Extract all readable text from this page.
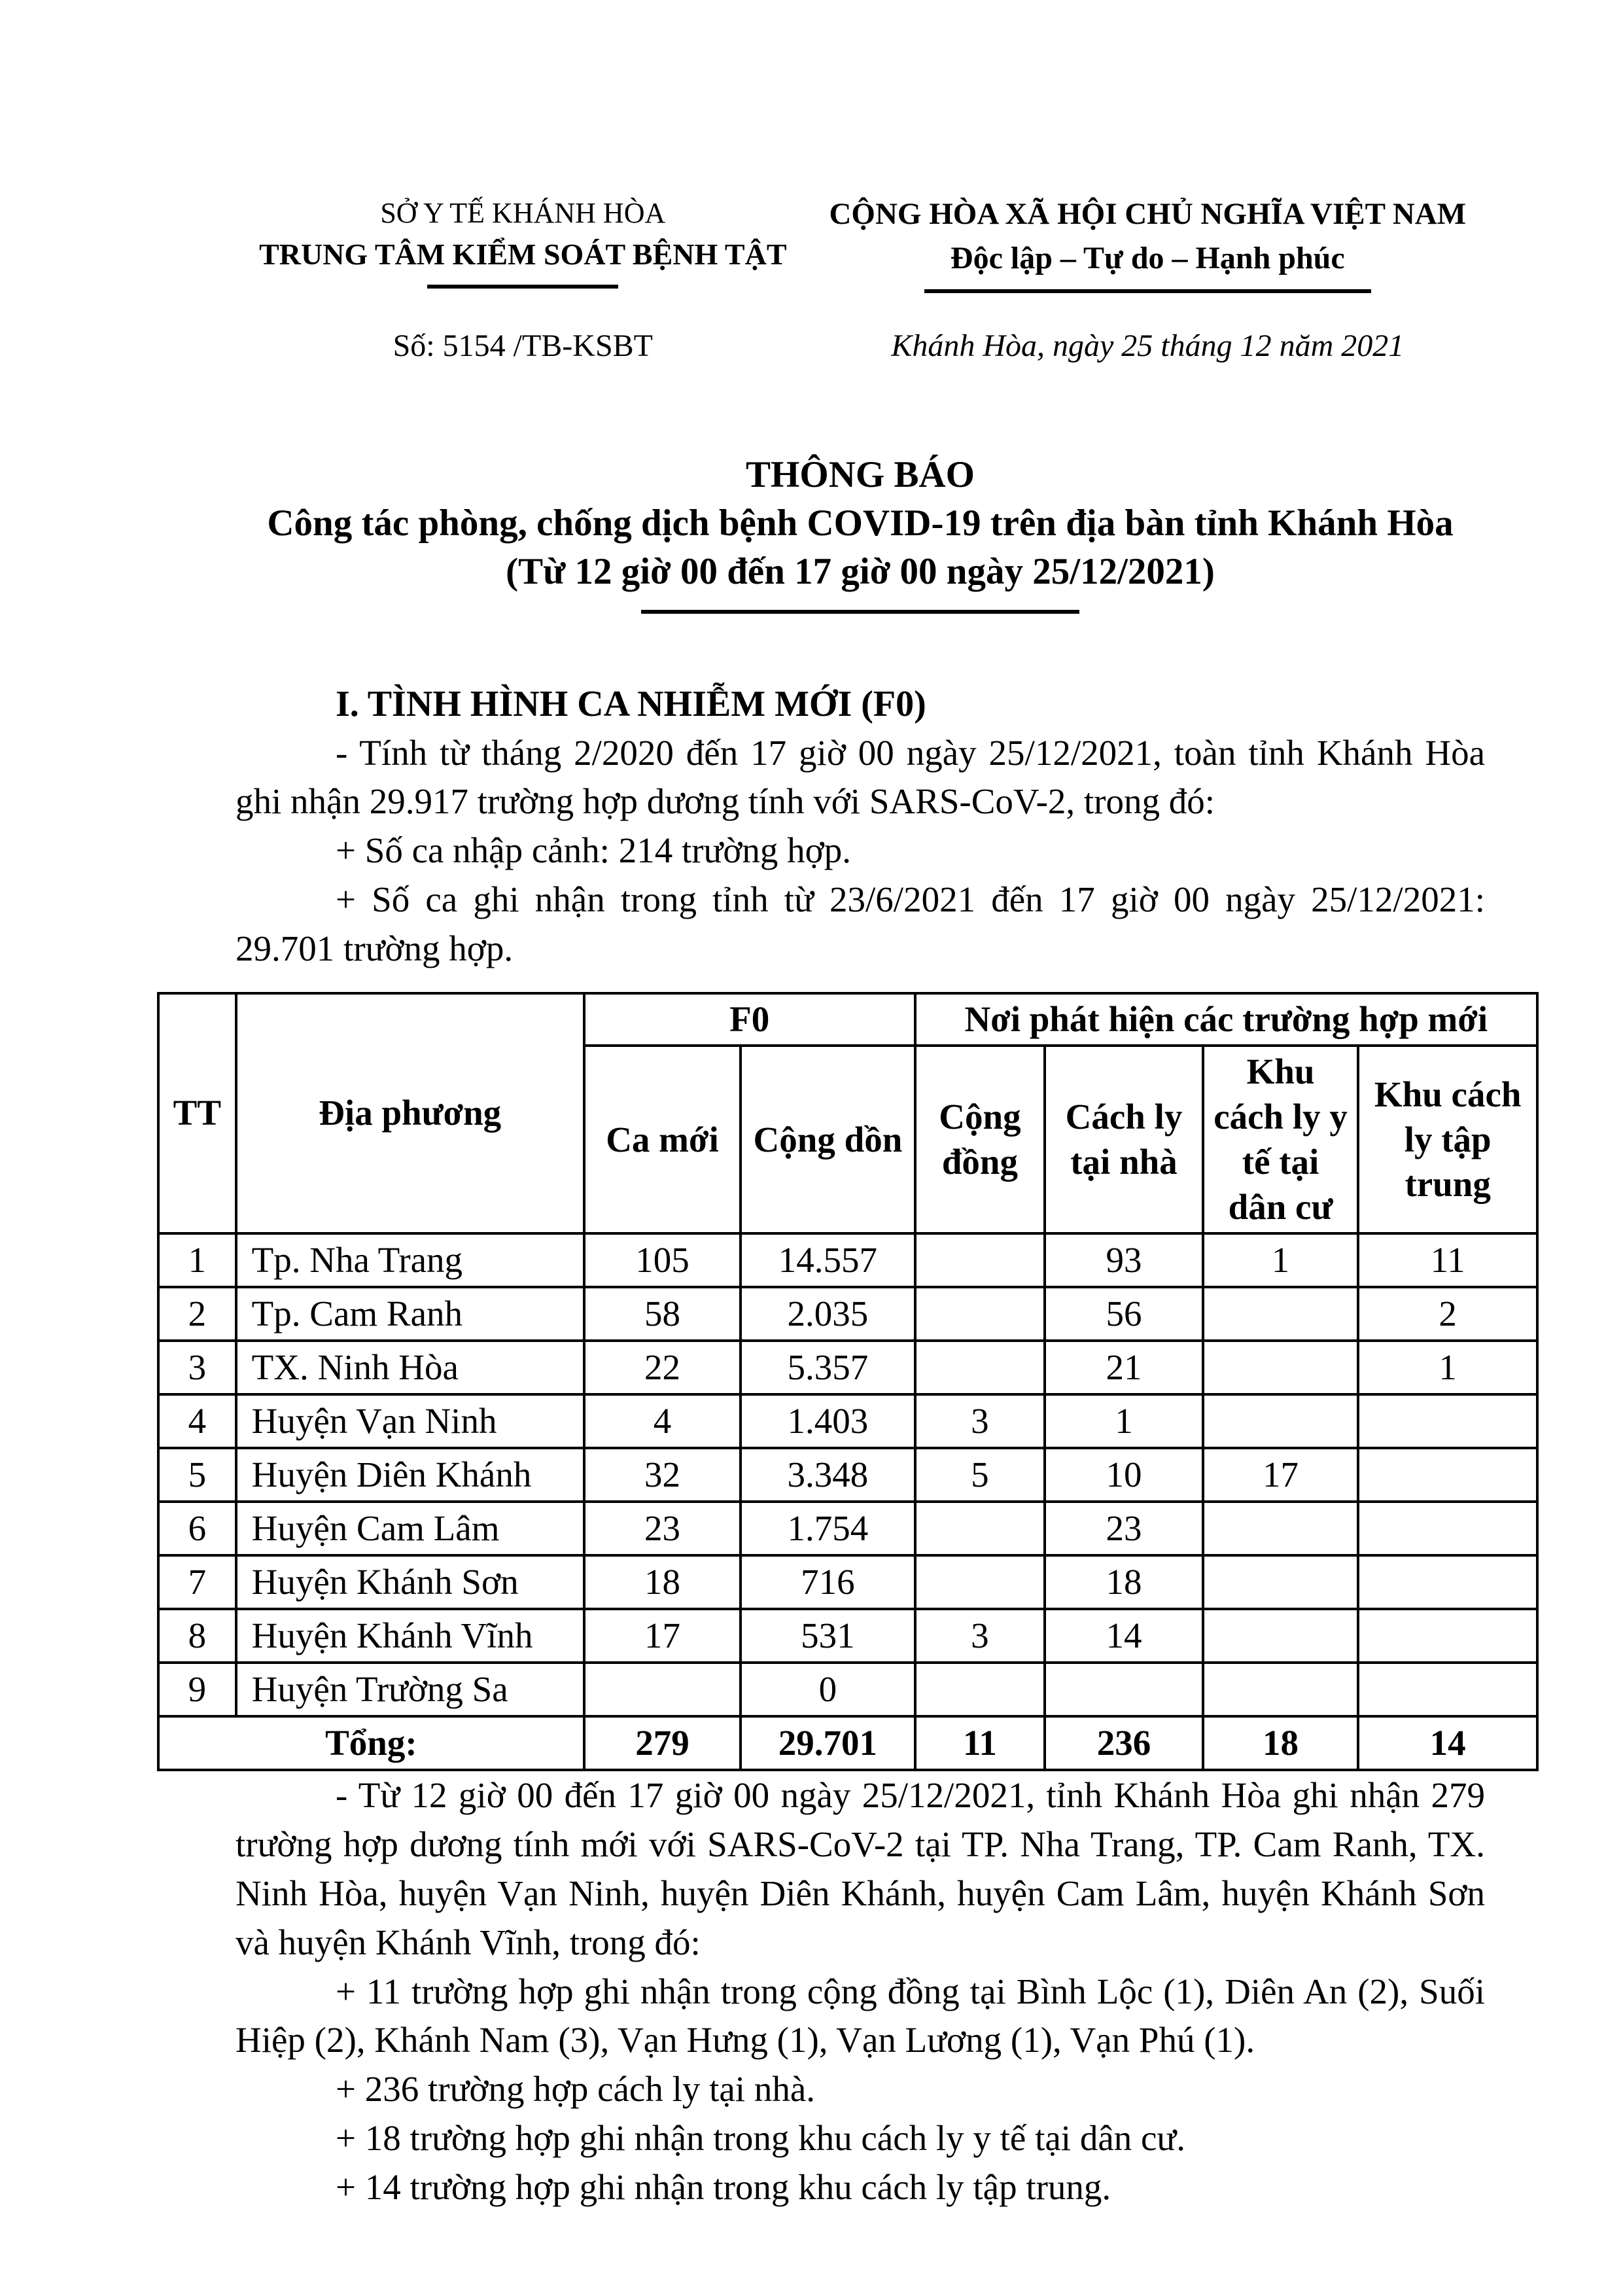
SỞ Y TẾ KHÁNH HÒA
TRUNG TÂM KIỂM SOÁT BỆNH TẬT
CỘNG HÒA XÃ HỘI CHỦ NGHĨA VIỆT NAM
Độc lập – Tự do – Hạnh phúc
Số: 5154 /TB-KSBT	Khánh Hòa, ngày 25 tháng 12 năm 2021
THÔNG BÁO
Công tác phòng, chống dịch bệnh COVID-19 trên địa bàn tỉnh Khánh Hòa
(Từ 12 giờ 00 đến 17 giờ 00 ngày 25/12/2021)
I. TÌNH HÌNH CA NHIỄM MỚI (F0)

- Tính từ tháng 2/2020 đến 17 giờ 00 ngày 25/12/2021, toàn tỉnh Khánh Hòa ghi nhận 29.917 trường hợp dương tính với SARS-CoV-2, trong đó:

+ Số ca nhập cảnh: 214 trường hợp.

+ Số ca ghi nhận trong tỉnh từ 23/6/2021 đến 17 giờ 00 ngày 25/12/2021: 29.701 trường hợp.

TT	Địa phương	F0		Nơi phát hiện các trường hợp mới			
		Ca mới	Cộng dồn	Cộng đồng	Cách ly tại nhà	Khu cách ly y tế tại dân cư	Khu cách ly tập trung
1	Tp. Nha Trang	105	14.557		93	1	11
2	Tp. Cam Ranh	58	2.035		56		2
3	TX. Ninh Hòa	22	5.357		21		1
4	Huyện Vạn Ninh	4	1.403	3	1		
5	Huyện Diên Khánh	32	3.348	5	10	17	
6	Huyện Cam Lâm	23	1.754		23		
7	Huyện Khánh Sơn	18	716		18		
8	Huyện Khánh Vĩnh	17	531	3	14		
9	Huyện Trường Sa		0				
Tổng:		279	29.701	11	236	18	14

- Từ 12 giờ 00 đến 17 giờ 00 ngày 25/12/2021, tỉnh Khánh Hòa ghi nhận 279 trường hợp dương tính mới với SARS-CoV-2 tại TP. Nha Trang, TP. Cam Ranh, TX. Ninh Hòa, huyện Vạn Ninh, huyện Diên Khánh, huyện Cam Lâm, huyện Khánh Sơn và huyện Khánh Vĩnh, trong đó:

+ 11 trường hợp ghi nhận trong cộng đồng tại Bình Lộc (1), Diên An (2), Suối Hiệp (2), Khánh Nam (3), Vạn Hưng (1), Vạn Lương (1), Vạn Phú (1).

+ 236 trường hợp cách ly tại nhà.

+ 18 trường hợp ghi nhận trong khu cách ly y tế tại dân cư.

+ 14 trường hợp ghi nhận trong khu cách ly tập trung.
